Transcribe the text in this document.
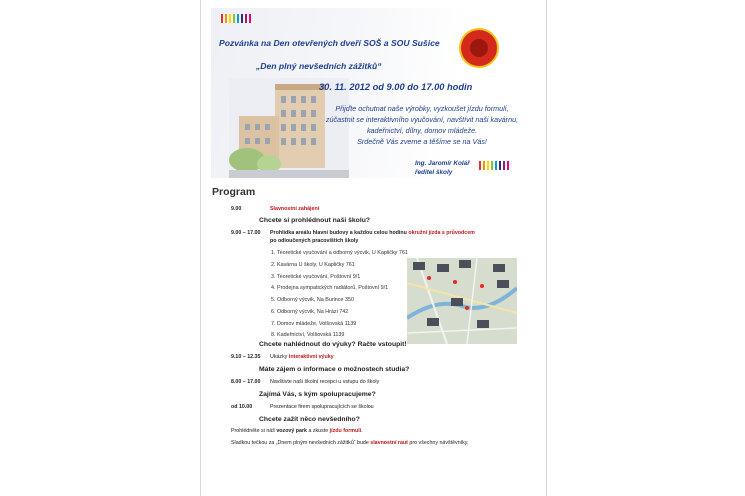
Pozvánka na Den otevřených dveří SOŠ a SOU Sušice
„Den plný nevšedních zážitků“
30. 11. 2012 od 9.00 do 17.00 hodin
Přijďte ochutnat naše výrobky, vyzkoušet jízdu formulí,
zúčastnit se interaktivního vyučování, navštívit naši kavárnu,
kadeřnictví, dílny, domov mládeže.
Srdečně Vás zveme a těšíme se na Vás!
Ing. Jaromír Kolář
ředitel školy
Program
9.00	Slavnostní zahájení
Chcete si prohlédnout naši školu?
9.00 – 17.00 Prohlídka areálu hlavní budovy a každou celou hodinu okružní jízda s průvodcem
po odloučených pracovištích školy
1. Teoretické vyučování a odborný výcvik, U Kapličky 761
2. Kavárna U školy, U Kapličky 761
3. Teoretické vyučování, Poštovní 9/1
4. Prodejna sympatických radiátorů, Poštovní 9/1
5. Odborný výcvik, Na Burince 350
6. Odborný výcvik, Na Hrázi 742
7. Domov mládeže, Volšovská 1139
8. Kadeřnictví, Volšovská 1139
Chcete nahlédnout do výuky? Račte vstoupit!
9.10 – 12.35 Ukázky interaktivní výuky
Máte zájem o informace o možnostech studia?
8.00 – 17.00 Navštivte naši školní recepci u vstupu do školy
Zajímá Vás, s kým spolupracujeme?
od 10.00	Prezentace firem spolupracujících se školou
Chcete zažít něco nevšedního?
Prohlédněte si náš vozový park a zkuste jízdu formulí.
Sladkou tečkou za „Dnem plným nevšedních zážitků“ bude slavnostní raut pro všechny návštěvníky.
